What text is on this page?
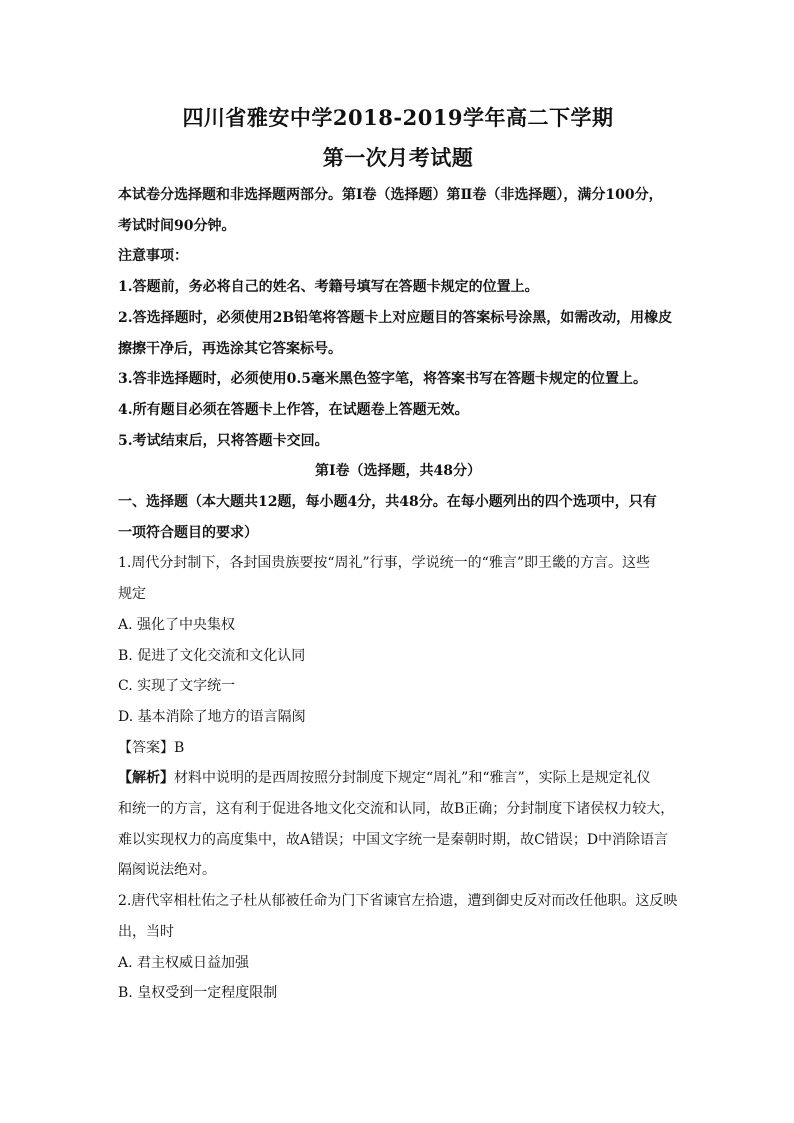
四川省雅安中学2018-2019学年高二下学期
第一次月考试题
本试卷分选择题和非选择题两部分。第Ⅰ卷（选择题）第Ⅱ卷（非选择题），满分100分，
考试时间90分钟。
注意事项：
1.答题前，务必将自己的姓名、考籍号填写在答题卡规定的位置上。
2.答选择题时，必须使用2B铅笔将答题卡上对应题目的答案标号涂黑，如需改动，用橡皮
擦擦干净后，再选涂其它答案标号。
3.答非选择题时，必须使用0.5毫米黑色签字笔，将答案书写在答题卡规定的位置上。
4.所有题目必须在答题卡上作答，在试题卷上答题无效。
5.考试结束后，只将答题卡交回。
第Ⅰ卷（选择题，共48分）
一、选择题（本大题共12题，每小题4分，共48分。在每小题列出的四个选项中，只有
一项符合题目的要求）
1.周代分封制下，各封国贵族要按“周礼”行事，学说统一的“雅言”即王畿的方言。这些
规定
A. 强化了中央集权
B. 促进了文化交流和文化认同
C. 实现了文字统一
D. 基本消除了地方的语言隔阂
【答案】B
【解析】材料中说明的是西周按照分封制度下规定“周礼”和“雅言”，实际上是规定礼仪
和统一的方言，这有利于促进各地文化交流和认同，故B正确；分封制度下诸侯权力较大，
难以实现权力的高度集中，故A错误；中国文字统一是秦朝时期，故C错误；D中消除语言
隔阂说法绝对。
2.唐代宰相杜佑之子杜从郁被任命为门下省谏官左拾遗，遭到御史反对而改任他职。这反映
出，当时
A. 君主权威日益加强
B. 皇权受到一定程度限制
